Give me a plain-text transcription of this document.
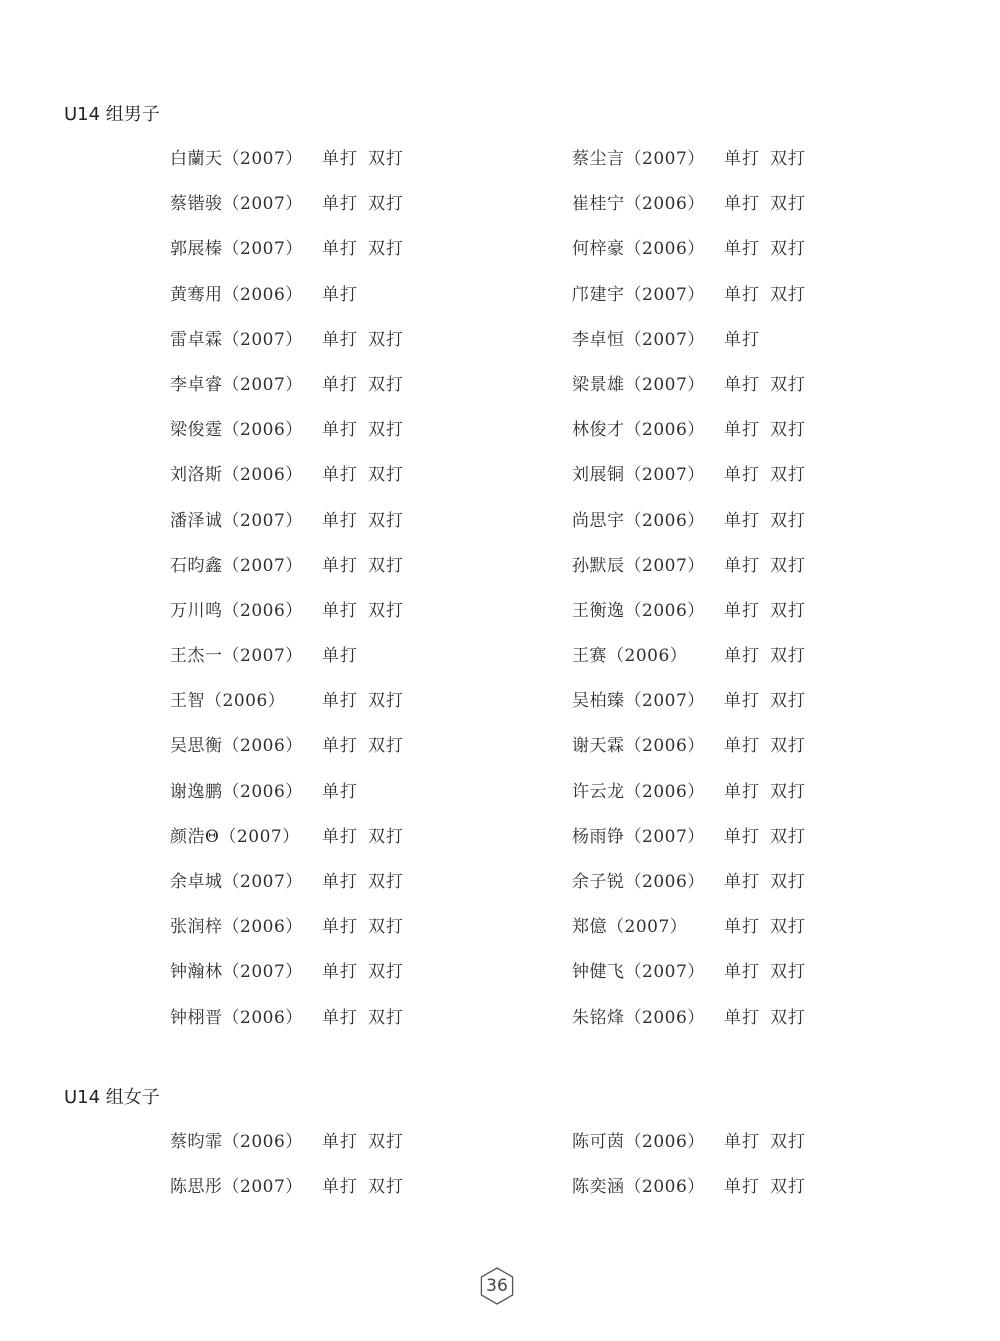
U14 组男子
白蘭天（2007） 单打 双打	蔡尘言（2007） 单打 双打
蔡锴骏（2007） 单打 双打	崔桂宁（2006） 单打 双打
郭展榛（2007） 单打 双打	何梓豪（2006） 单打 双打
黄骞用（2006） 单打	邝建宇（2007） 单打 双打
雷卓霖（2007） 单打 双打	李卓恒（2007） 单打
李卓睿（2007） 单打 双打	梁景雄（2007） 单打 双打
梁俊霆（2006） 单打 双打	林俊才（2006） 单打 双打
刘洛斯（2006） 单打 双打	刘展铜（2007） 单打 双打
潘泽诚（2007） 单打 双打	尚思宇（2006） 单打 双打
石昀鑫（2007） 单打 双打	孙默辰（2007） 单打 双打
万川鸣（2006） 单打 双打	王衡逸（2006） 单打 双打
王杰一（2007） 单打	王赛（2006） 单打 双打
王智（2006） 单打 双打	吴柏臻（2007） 单打 双打
吴思衡（2006） 单打 双打	谢天霖（2006） 单打 双打
谢逸鹏（2006） 单打	许云龙（2006） 单打 双打
颜浩Θ（2007） 单打 双打	杨雨铮（2007） 单打 双打
余卓城（2007） 单打 双打	余子锐（2006） 单打 双打
张润梓（2006） 单打 双打	郑億（2007） 单打 双打
钟瀚林（2007） 单打 双打	钟健飞（2007） 单打 双打
钟栩晋（2006） 单打 双打	朱铭烽（2006） 单打 双打
U14 组女子
蔡昀霏（2006） 单打 双打	陈可茵（2006） 单打 双打
陈思彤（2007） 单打 双打	陈奕涵（2006） 单打 双打
36
